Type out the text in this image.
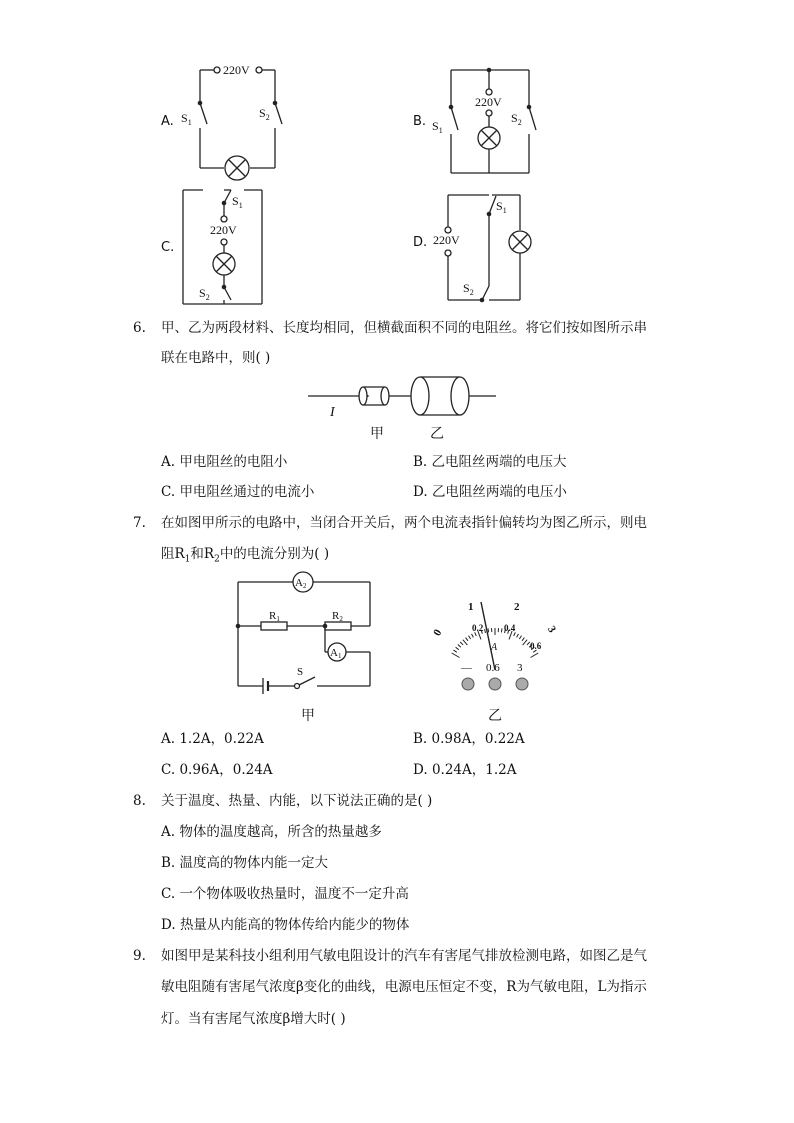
A.	B.
C.	D.
220V
$S_1$
$S_2$
220V
$S_1$
$S_2$
$S_1$
220V
$S_2$
220V
$S_1$
$S_2$
6. 甲、乙为两段材料、长度均相同，但横截面积不同的电阻丝。将它们按如图所示串
联在电路中，则( )
I
甲	乙
A. 甲电阻丝的电阻小	B. 乙电阻丝两端的电压大
C. 甲电阻丝通过的电流小	D. 乙电阻丝两端的电压小
7. 在如图甲所示的电路中，当闭合开关后，两个电流表指针偏转均为图乙所示，则电
阻$R_1$和$R_2$中的电流分别为( )
A2
A1
R1	R2
S
甲
0
1	2
3
0.2 0.4
0.6
A
— 0.6 3
乙
A. 1.2A，0.22A	B. 0.98A，0.22A
C. 0.96A，0.24A	D. 0.24A，1.2A
8. 关于温度、热量、内能，以下说法正确的是( )
A. 物体的温度越高，所含的热量越多
B. 温度高的物体内能一定大
C. 一个物体吸收热量时，温度不一定升高
D. 热量从内能高的物体传给内能少的物体
9. 如图甲是某科技小组利用气敏电阻设计的汽车有害尾气排放检测电路，如图乙是气
敏电阻随有害尾气浓度β变化的曲线，电源电压恒定不变，R为气敏电阻，L为指示
灯。当有害尾气浓度β增大时( )
